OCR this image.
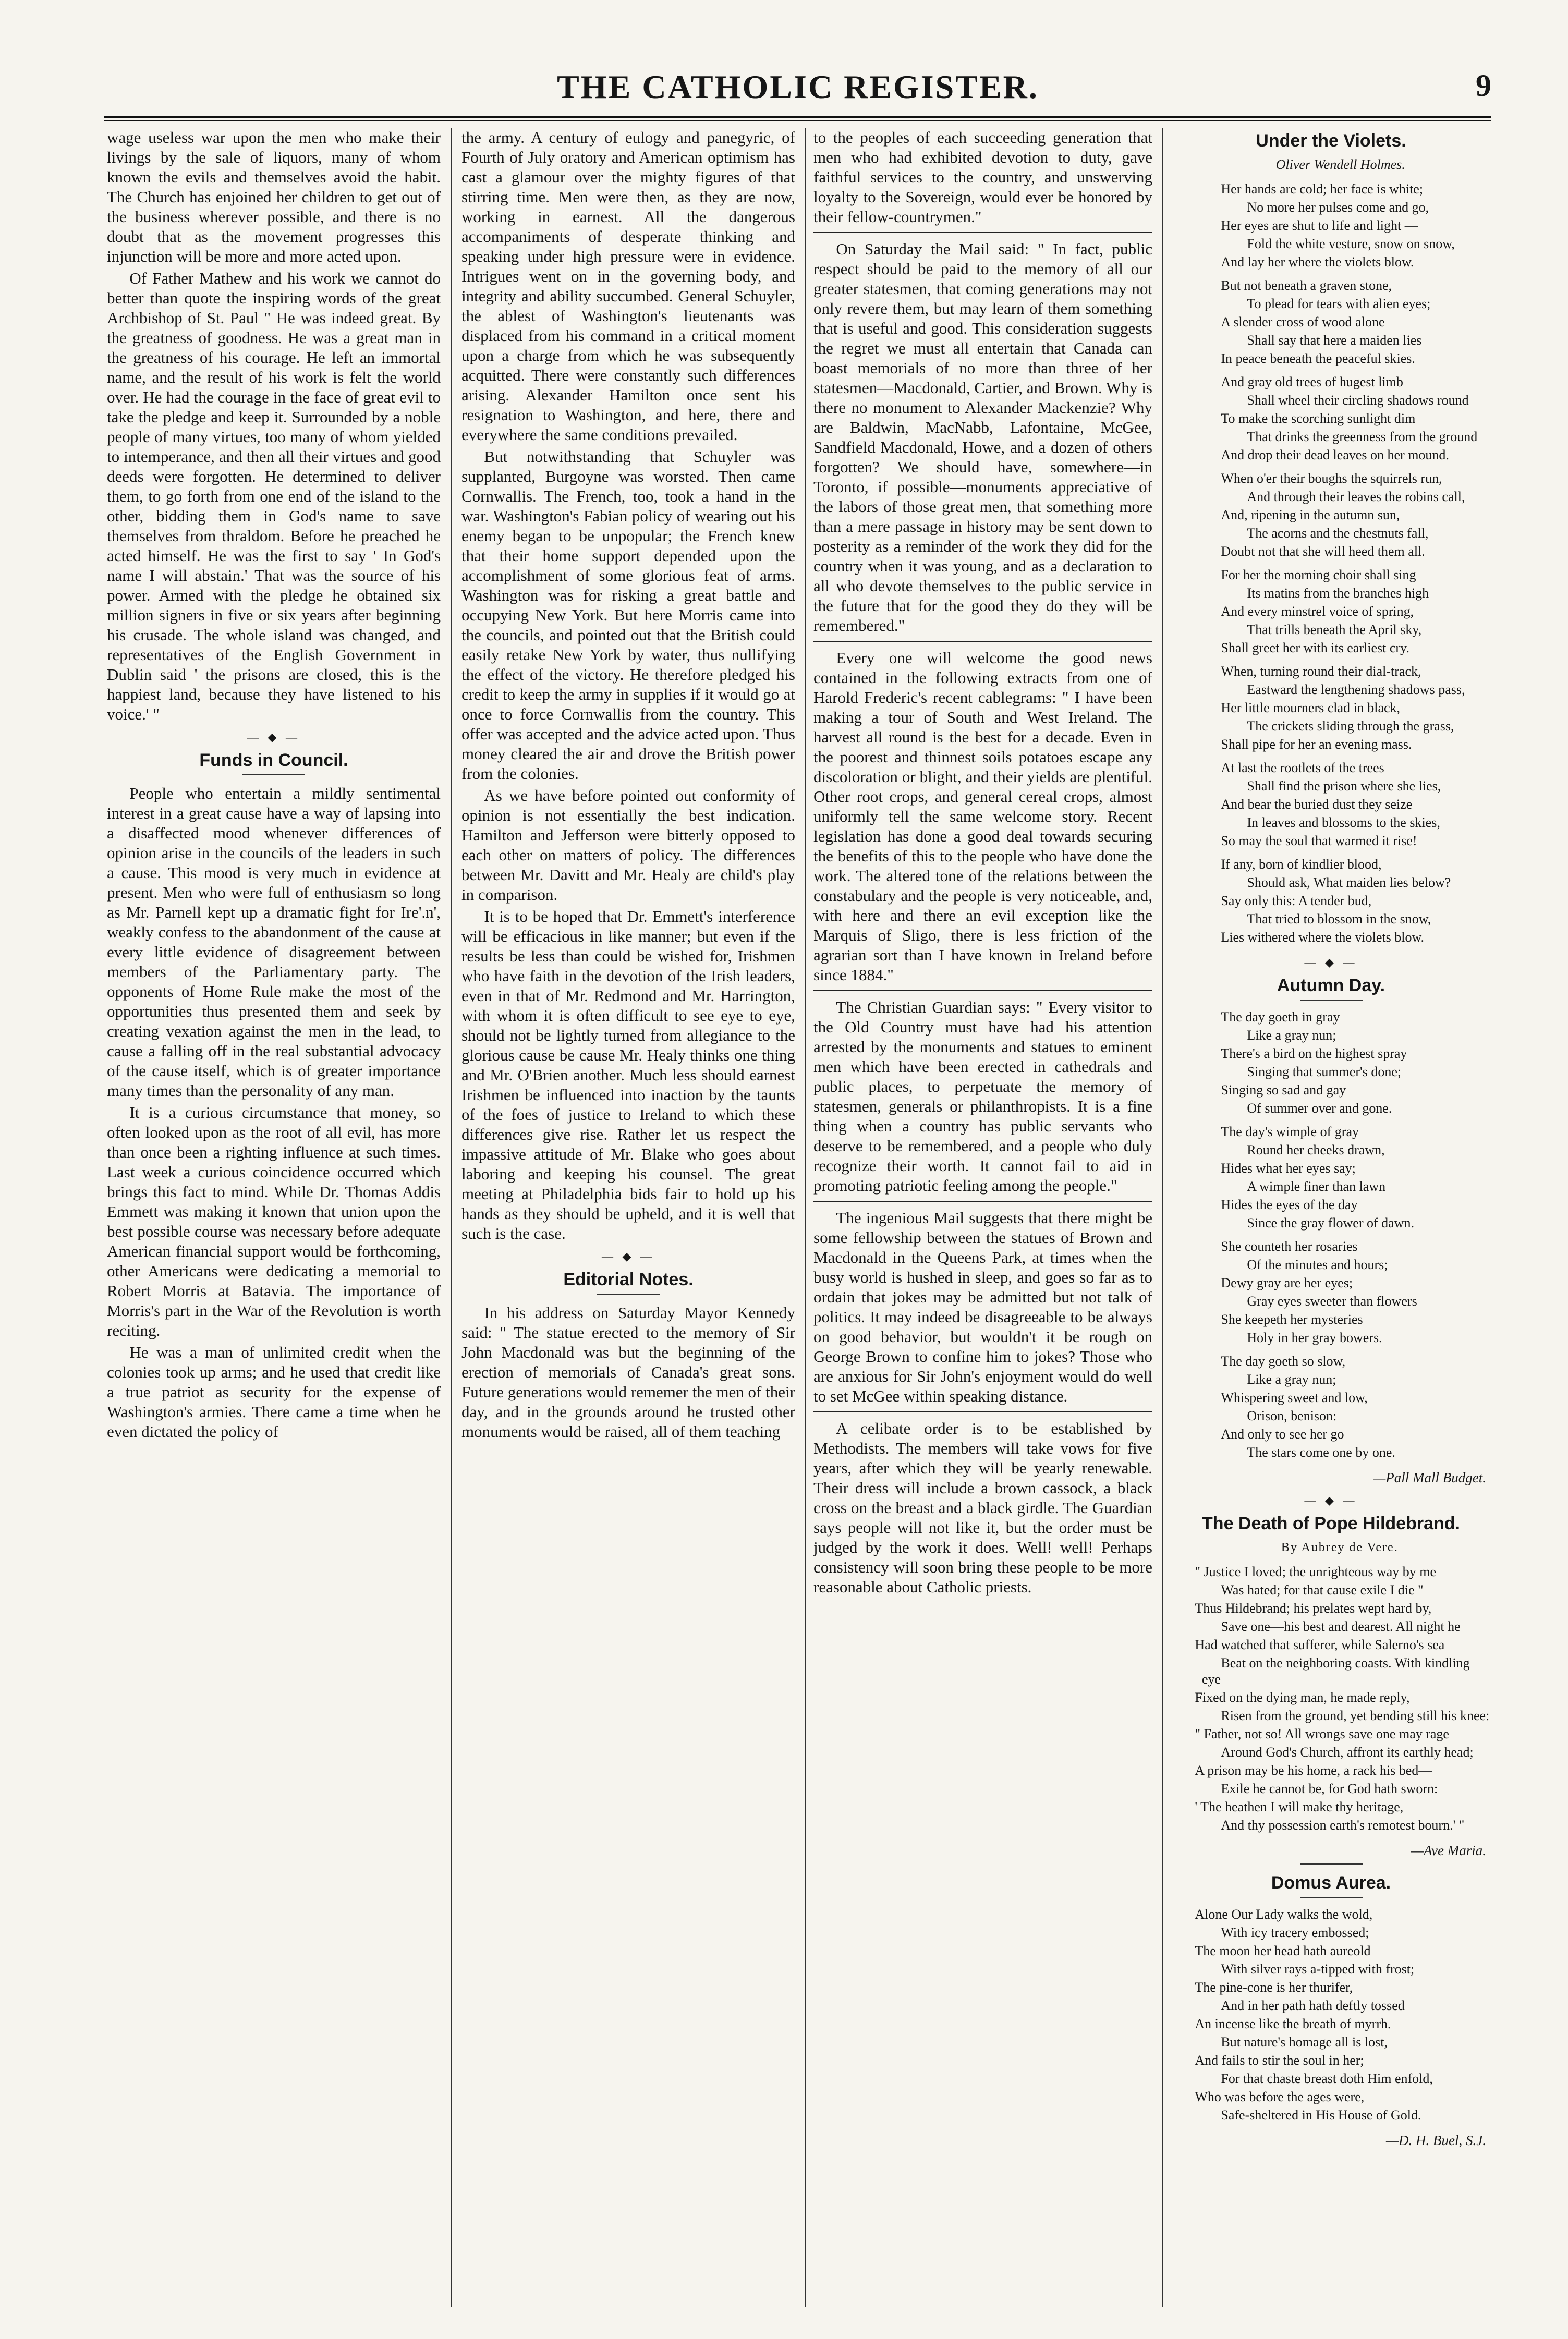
THE CATHOLIC REGISTER.	9

wage useless war upon the men who make their livings by the sale of liquors, many of whom known the evils and themselves avoid the habit. The Church has enjoined her children to get out of the business wherever possible, and there is no doubt that as the movement progresses this injunction will be more and more acted upon.

Of Father Mathew and his work we cannot do better than quote the inspiring words of the great Archbishop of St. Paul " He was indeed great. By the greatness of goodness. He was a great man in the greatness of his courage. He left an immortal name, and the result of his work is felt the world over. He had the courage in the face of great evil to take the pledge and keep it. Surrounded by a noble people of many virtues, too many of whom yielded to intemperance, and then all their virtues and good deeds were forgotten. He determined to deliver them, to go forth from one end of the island to the other, bidding them in God's name to save themselves from thraldom. Before he preached he acted himself. He was the first to say ' In God's name I will abstain.' That was the source of his power. Armed with the pledge he obtained six million signers in five or six years after beginning his crusade. The whole island was changed, and representatives of the English Government in Dublin said ' the prisons are closed, this is the happiest land, because they have listened to his voice.' "

— ◆ —

Funds in Council.

People who entertain a mildly sentimental interest in a great cause have a way of lapsing into a disaffected mood whenever differences of opinion arise in the councils of the leaders in such a cause. This mood is very much in evidence at present. Men who were full of enthusiasm so long as Mr. Parnell kept up a dramatic fight for Ire'.n', weakly confess to the abandonment of the cause at every little evidence of disagreement between members of the Parliamentary party. The opponents of Home Rule make the most of the opportunities thus presented them and seek by creating vexation against the men in the lead, to cause a falling off in the real substantial advocacy of the cause itself, which is of greater importance many times than the personality of any man.

It is a curious circumstance that money, so often looked upon as the root of all evil, has more than once been a righting influence at such times. Last week a curious coincidence occurred which brings this fact to mind. While Dr. Thomas Addis Emmett was making it known that union upon the best possible course was necessary before adequate American financial support would be forthcoming, other Americans were dedicating a memorial to Robert Morris at Batavia. The importance of Morris's part in the War of the Revolution is worth reciting.

He was a man of unlimited credit when the colonies took up arms; and he used that credit like a true patriot as security for the expense of Washington's armies. There came a time when he even dictated the policy of

the army. A century of eulogy and panegyric, of Fourth of July oratory and American optimism has cast a glamour over the mighty figures of that stirring time. Men were then, as they are now, working in earnest. All the dangerous accompaniments of desperate thinking and speaking under high pressure were in evidence. Intrigues went on in the governing body, and integrity and ability succumbed. General Schuyler, the ablest of Washington's lieutenants was displaced from his command in a critical moment upon a charge from which he was subsequently acquitted. There were constantly such differences arising. Alexander Hamilton once sent his resignation to Washington, and here, there and everywhere the same conditions prevailed.

But notwithstanding that Schuyler was supplanted, Burgoyne was worsted. Then came Cornwallis. The French, too, took a hand in the war. Washington's Fabian policy of wearing out his enemy began to be unpopular; the French knew that their home support depended upon the accomplishment of some glorious feat of arms. Washington was for risking a great battle and occupying New York. But here Morris came into the councils, and pointed out that the British could easily retake New York by water, thus nullifying the effect of the victory. He therefore pledged his credit to keep the army in supplies if it would go at once to force Cornwallis from the country. This offer was accepted and the advice acted upon. Thus money cleared the air and drove the British power from the colonies.

As we have before pointed out conformity of opinion is not essentially the best indication. Hamilton and Jefferson were bitterly opposed to each other on matters of policy. The differences between Mr. Davitt and Mr. Healy are child's play in comparison.

It is to be hoped that Dr. Emmett's interference will be efficacious in like manner; but even if the results be less than could be wished for, Irishmen who have faith in the devotion of the Irish leaders, even in that of Mr. Redmond and Mr. Harrington, with whom it is often difficult to see eye to eye, should not be lightly turned from allegiance to the glorious cause be cause Mr. Healy thinks one thing and Mr. O'Brien another. Much less should earnest Irishmen be influenced into inaction by the taunts of the foes of justice to Ireland to which these differences give rise. Rather let us respect the impassive attitude of Mr. Blake who goes about laboring and keeping his counsel. The great meeting at Philadelphia bids fair to hold up his hands as they should be upheld, and it is well that such is the case.

— ◆ —

Editorial Notes.

In his address on Saturday Mayor Kennedy said: " The statue erected to the memory of Sir John Macdonald was but the beginning of the erection of memorials of Canada's great sons. Future generations would rememer the men of their day, and in the grounds around he trusted other monuments would be raised, all of them teaching

to the peoples of each succeeding generation that men who had exhibited devotion to duty, gave faithful services to the country, and unswerving loyalty to the Sovereign, would ever be honored by their fellow-countrymen."

On Saturday the Mail said: " In fact, public respect should be paid to the memory of all our greater statesmen, that coming generations may not only revere them, but may learn of them something that is useful and good. This consideration suggests the regret we must all entertain that Canada can boast memorials of no more than three of her statesmen—Macdonald, Cartier, and Brown. Why is there no monument to Alexander Mackenzie? Why are Baldwin, MacNabb, Lafontaine, McGee, Sandfield Macdonald, Howe, and a dozen of others forgotten? We should have, somewhere—in Toronto, if possible—monuments appreciative of the labors of those great men, that something more than a mere passage in history may be sent down to posterity as a reminder of the work they did for the country when it was young, and as a declaration to all who devote themselves to the public service in the future that for the good they do they will be remembered."

Every one will welcome the good news contained in the following extracts from one of Harold Frederic's recent cablegrams: " I have been making a tour of South and West Ireland. The harvest all round is the best for a decade. Even in the poorest and thinnest soils potatoes escape any discoloration or blight, and their yields are plentiful. Other root crops, and general cereal crops, almost uniformly tell the same welcome story. Recent legislation has done a good deal towards securing the benefits of this to the people who have done the work. The altered tone of the relations between the constabulary and the people is very noticeable, and, with here and there an evil exception like the Marquis of Sligo, there is less friction of the agrarian sort than I have known in Ireland before since 1884."

The Christian Guardian says: " Every visitor to the Old Country must have had his attention arrested by the monuments and statues to eminent men which have been erected in cathedrals and public places, to perpetuate the memory of statesmen, generals or philanthropists. It is a fine thing when a country has public servants who deserve to be remembered, and a people who duly recognize their worth. It cannot fail to aid in promoting patriotic feeling among the people."

The ingenious Mail suggests that there might be some fellowship between the statues of Brown and Macdonald in the Queens Park, at times when the busy world is hushed in sleep, and goes so far as to ordain that jokes may be admitted but not talk of politics. It may indeed be disagreeable to be always on good behavior, but wouldn't it be rough on George Brown to confine him to jokes? Those who are anxious for Sir John's enjoyment would do well to set McGee within speaking distance.

A celibate order is to be established by Methodists. The members will take vows for five years, after which they will be yearly renewable. Their dress will include a brown cassock, a black cross on the breast and a black girdle. The Guardian says people will not like it, but the order must be judged by the work it does. Well! well! Perhaps consistency will soon bring these people to be more reasonable about Catholic priests.

Under the Violets.

Oliver Wendell Holmes.

Her hands are cold; her face is white;

No more her pulses come and go,

Her eyes are shut to life and light —

Fold the white vesture, snow on snow,

And lay her where the violets blow.

But not beneath a graven stone,

To plead for tears with alien eyes;

A slender cross of wood alone

Shall say that here a maiden lies

In peace beneath the peaceful skies.

And gray old trees of hugest limb

Shall wheel their circling shadows round

To make the scorching sunlight dim

That drinks the greenness from the ground

And drop their dead leaves on her mound.

When o'er their boughs the squirrels run,

And through their leaves the robins call,

And, ripening in the autumn sun,

The acorns and the chestnuts fall,

Doubt not that she will heed them all.

For her the morning choir shall sing

Its matins from the branches high

And every minstrel voice of spring,

That trills beneath the April sky,

Shall greet her with its earliest cry.

When, turning round their dial-track,

Eastward the lengthening shadows pass,

Her little mourners clad in black,

The crickets sliding through the grass,

Shall pipe for her an evening mass.

At last the rootlets of the trees

Shall find the prison where she lies,

And bear the buried dust they seize

In leaves and blossoms to the skies,

So may the soul that warmed it rise!

If any, born of kindlier blood,

Should ask, What maiden lies below?

Say only this: A tender bud,

That tried to blossom in the snow,

Lies withered where the violets blow.

— ◆ —

Autumn Day.

The day goeth in gray

Like a gray nun;

There's a bird on the highest spray

Singing that summer's done;

Singing so sad and gay

Of summer over and gone.

The day's wimple of gray

Round her cheeks drawn,

Hides what her eyes say;

A wimple finer than lawn

Hides the eyes of the day

Since the gray flower of dawn.

She counteth her rosaries

Of the minutes and hours;

Dewy gray are her eyes;

Gray eyes sweeter than flowers

She keepeth her mysteries

Holy in her gray bowers.

The day goeth so slow,

Like a gray nun;

Whispering sweet and low,

Orison, benison:

And only to see her go

The stars come one by one.

—Pall Mall Budget.

— ◆ —

The Death of Pope Hildebrand.

By Aubrey de Vere.

" Justice I loved; the unrighteous way by me

Was hated; for that cause exile I die "

Thus Hildebrand; his prelates wept hard by,

Save one—his best and dearest. All night he

Had watched that sufferer, while Salerno's sea

Beat on the neighboring coasts. With kindling eye

Fixed on the dying man, he made reply,

Risen from the ground, yet bending still his knee:

" Father, not so! All wrongs save one may rage

Around God's Church, affront its earthly head;

A prison may be his home, a rack his bed—

Exile he cannot be, for God hath sworn:

' The heathen I will make thy heritage,

And thy possession earth's remotest bourn.' "

—Ave Maria.

Domus Aurea.

Alone Our Lady walks the wold,

With icy tracery embossed;

The moon her head hath aureold

With silver rays a-tipped with frost;

The pine-cone is her thurifer,

And in her path hath deftly tossed

An incense like the breath of myrrh.

But nature's homage all is lost,

And fails to stir the soul in her;

For that chaste breast doth Him enfold,

Who was before the ages were,

Safe-sheltered in His House of Gold.

—D. H. Buel, S.J.
